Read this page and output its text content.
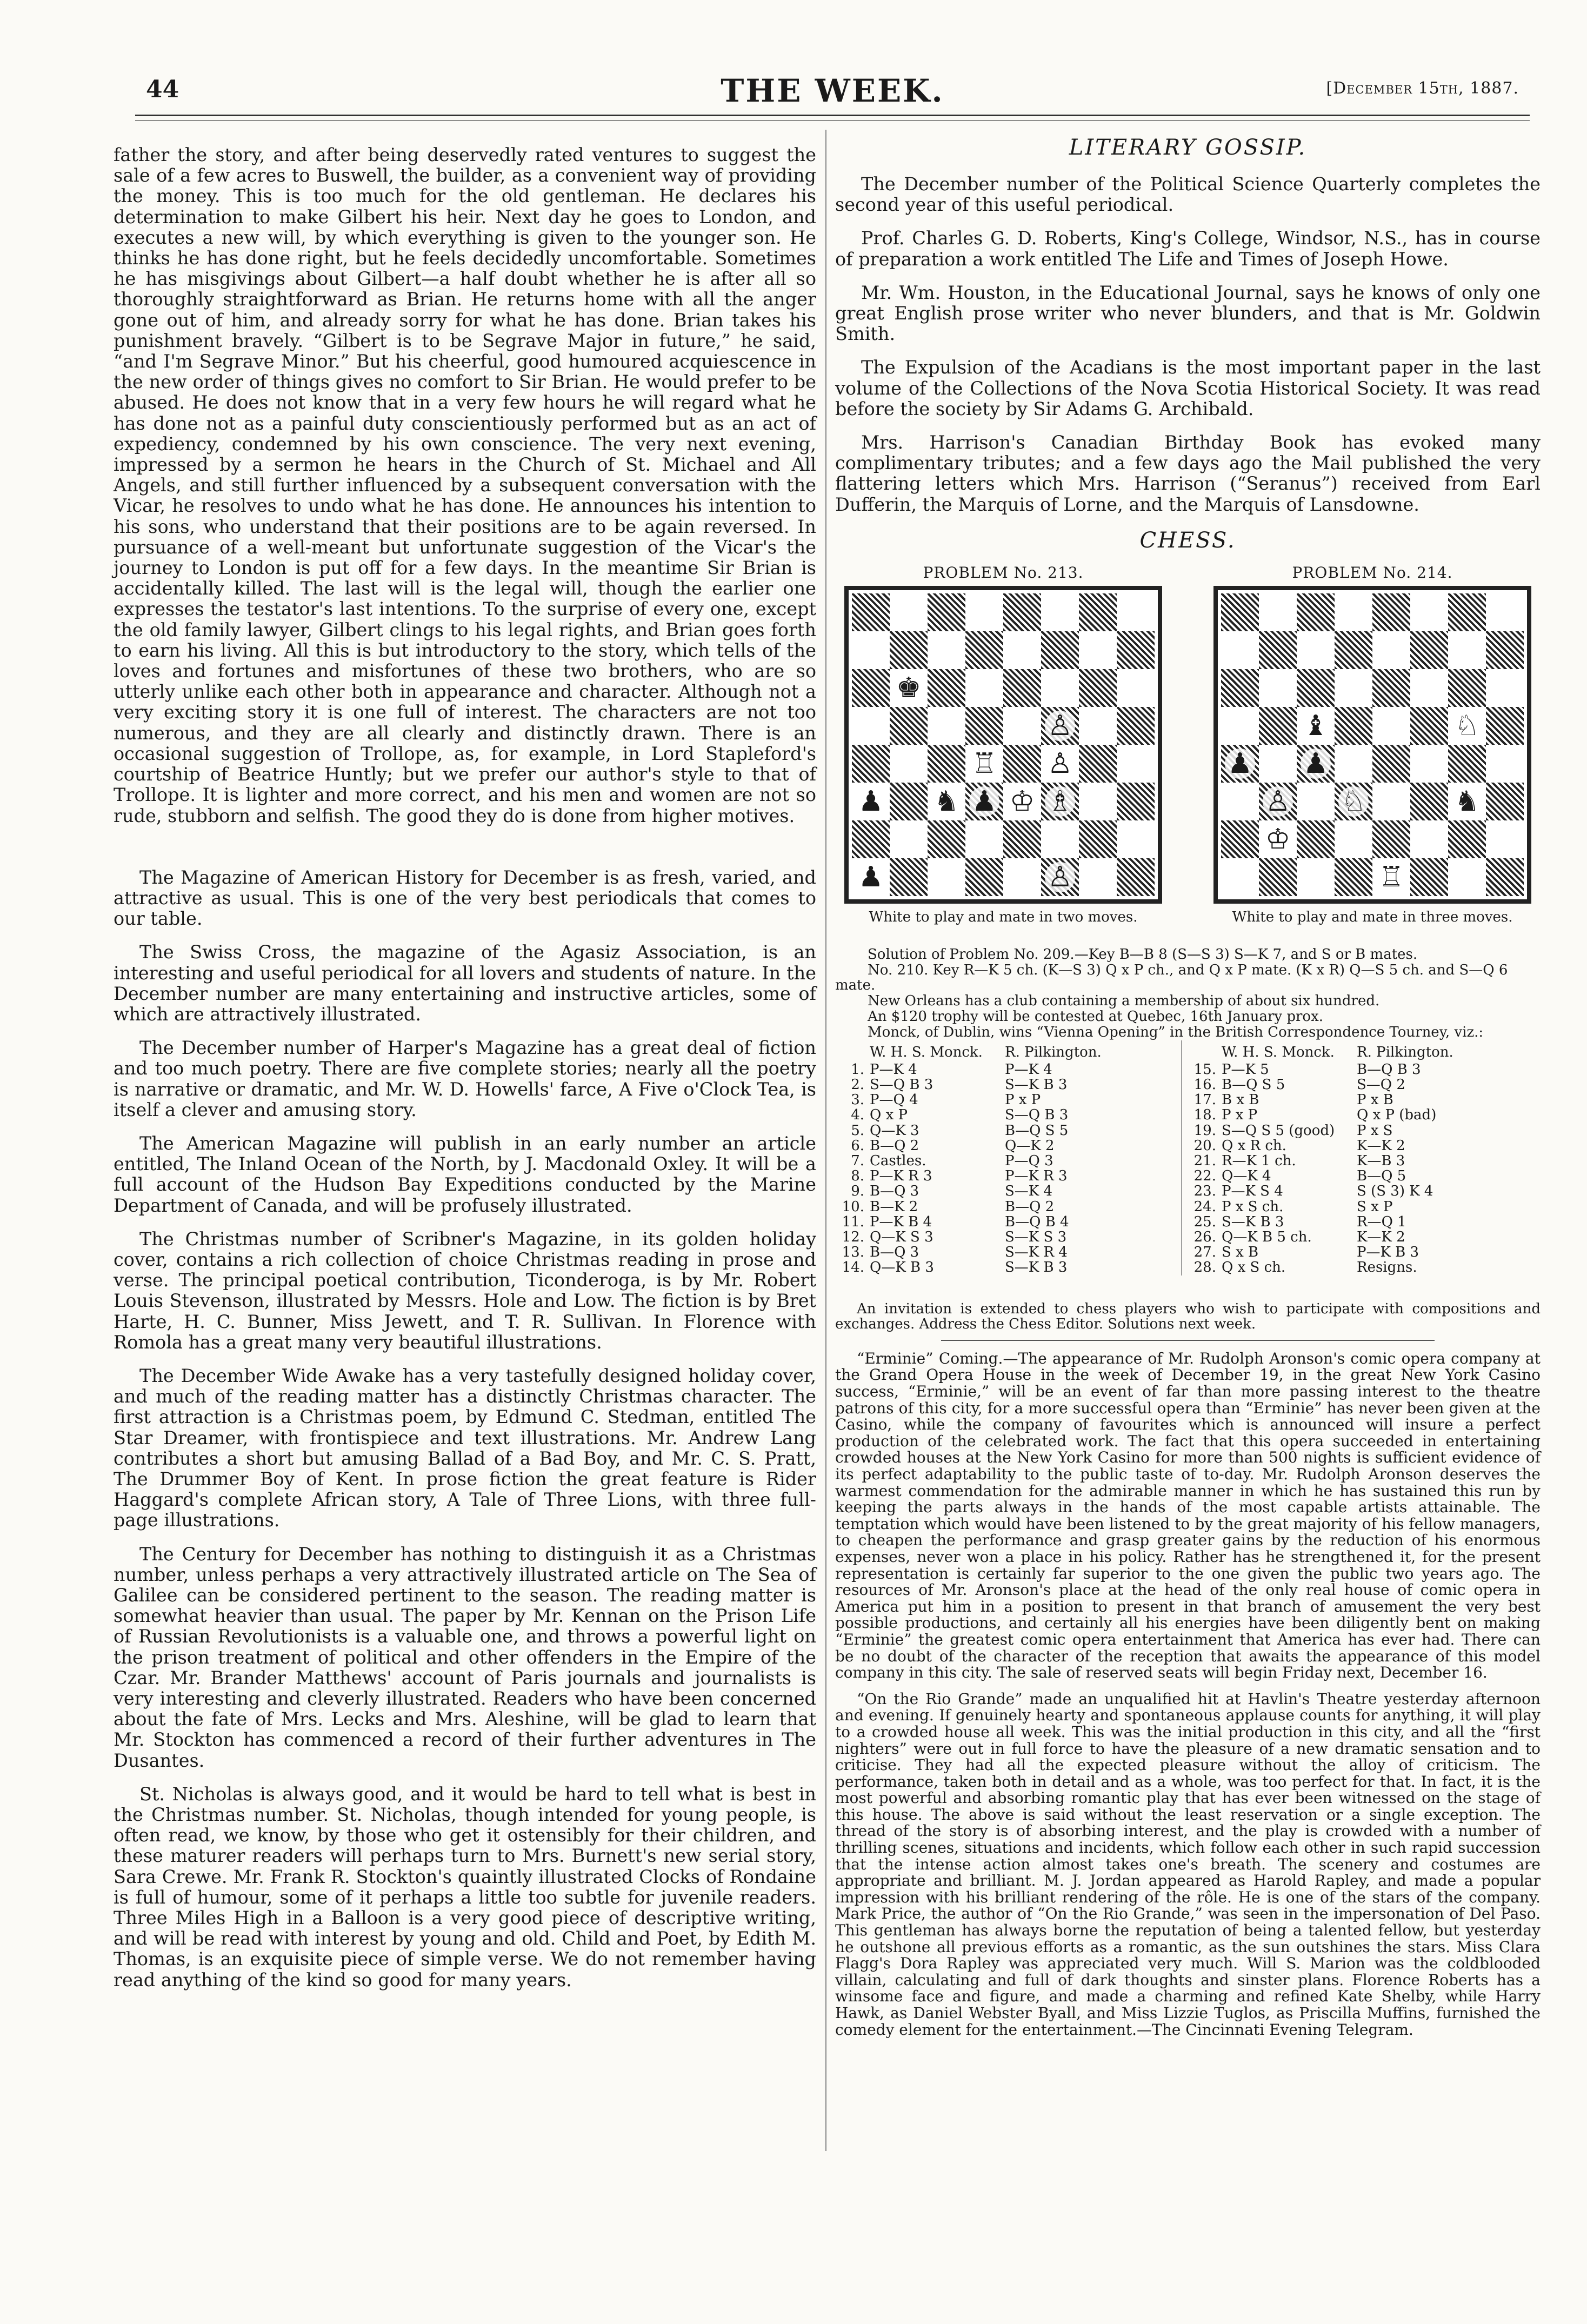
44	THE WEEK.	[December 15th, 1887.

father the story, and after being deservedly rated ventures to suggest the sale of a few acres to Buswell, the builder, as a convenient way of providing the money. This is too much for the old gentleman. He declares his determination to make Gilbert his heir. Next day he goes to London, and executes a new will, by which everything is given to the younger son. He thinks he has done right, but he feels decidedly uncomfortable. Sometimes he has misgivings about Gilbert—a half doubt whether he is after all so thoroughly straightforward as Brian. He returns home with all the anger gone out of him, and already sorry for what he has done. Brian takes his punishment bravely. “Gilbert is to be Segrave Major in future,” he said, “and I'm Segrave Minor.” But his cheerful, good humoured acquiescence in the new order of things gives no comfort to Sir Brian. He would prefer to be abused. He does not know that in a very few hours he will regard what he has done not as a painful duty conscientiously performed but as an act of expediency, condemned by his own conscience. The very next evening, impressed by a sermon he hears in the Church of St. Michael and All Angels, and still further influenced by a subsequent conversation with the Vicar, he resolves to undo what he has done. He announces his intention to his sons, who understand that their positions are to be again reversed. In pursuance of a well-meant but unfortunate suggestion of the Vicar's the journey to London is put off for a few days. In the meantime Sir Brian is accidentally killed. The last will is the legal will, though the earlier one expresses the testator's last intentions. To the surprise of every one, except the old family lawyer, Gilbert clings to his legal rights, and Brian goes forth to earn his living. All this is but introductory to the story, which tells of the loves and fortunes and misfortunes of these two brothers, who are so utterly unlike each other both in appearance and character. Although not a very exciting story it is one full of interest. The characters are not too numerous, and they are all clearly and distinctly drawn. There is an occasional suggestion of Trollope, as, for example, in Lord Stapleford's courtship of Beatrice Huntly; but we prefer our author's style to that of Trollope. It is lighter and more correct, and his men and women are not so rude, stubborn and selfish. The good they do is done from higher motives.

The Magazine of American History for December is as fresh, varied, and attractive as usual. This is one of the very best periodicals that comes to our table.

The Swiss Cross, the magazine of the Agasiz Association, is an interesting and useful periodical for all lovers and students of nature. In the December number are many entertaining and instructive articles, some of which are attractively illustrated.

The December number of Harper's Magazine has a great deal of fiction and too much poetry. There are five complete stories; nearly all the poetry is narrative or dramatic, and Mr. W. D. Howells' farce, A Five o'Clock Tea, is itself a clever and amusing story.

The American Magazine will publish in an early number an article entitled, The Inland Ocean of the North, by J. Macdonald Oxley. It will be a full account of the Hudson Bay Expeditions conducted by the Marine Department of Canada, and will be profusely illustrated.

The Christmas number of Scribner's Magazine, in its golden holiday cover, contains a rich collection of choice Christmas reading in prose and verse. The principal poetical contribution, Ticonderoga, is by Mr. Robert Louis Stevenson, illustrated by Messrs. Hole and Low. The fiction is by Bret Harte, H. C. Bunner, Miss Jewett, and T. R. Sullivan. In Florence with Romola has a great many very beautiful illustrations.

The December Wide Awake has a very tastefully designed holiday cover, and much of the reading matter has a distinctly Christmas character. The first attraction is a Christmas poem, by Edmund C. Stedman, entitled The Star Dreamer, with frontispiece and text illustrations. Mr. Andrew Lang contributes a short but amusing Ballad of a Bad Boy, and Mr. C. S. Pratt, The Drummer Boy of Kent. In prose fiction the great feature is Rider Haggard's complete African story, A Tale of Three Lions, with three full-page illustrations.

The Century for December has nothing to distinguish it as a Christmas number, unless perhaps a very attractively illustrated article on The Sea of Galilee can be considered pertinent to the season. The reading matter is somewhat heavier than usual. The paper by Mr. Kennan on the Prison Life of Russian Revolutionists is a valuable one, and throws a powerful light on the prison treatment of political and other offenders in the Empire of the Czar. Mr. Brander Matthews' account of Paris journals and journalists is very interesting and cleverly illustrated. Readers who have been concerned about the fate of Mrs. Lecks and Mrs. Aleshine, will be glad to learn that Mr. Stockton has commenced a record of their further adventures in The Dusantes.

St. Nicholas is always good, and it would be hard to tell what is best in the Christmas number. St. Nicholas, though intended for young people, is often read, we know, by those who get it ostensibly for their children, and these maturer readers will perhaps turn to Mrs. Burnett's new serial story, Sara Crewe. Mr. Frank R. Stockton's quaintly illustrated Clocks of Rondaine is full of humour, some of it perhaps a little too subtle for juvenile readers. Three Miles High in a Balloon is a very good piece of descriptive writing, and will be read with interest by young and old. Child and Poet, by Edith M. Thomas, is an exquisite piece of simple verse. We do not remember having read anything of the kind so good for many years.

LITERARY GOSSIP.

The December number of the Political Science Quarterly completes the second year of this useful periodical.

Prof. Charles G. D. Roberts, King's College, Windsor, N.S., has in course of preparation a work entitled The Life and Times of Joseph Howe.

Mr. Wm. Houston, in the Educational Journal, says he knows of only one great English prose writer who never blunders, and that is Mr. Goldwin Smith.

The Expulsion of the Acadians is the most important paper in the last volume of the Collections of the Nova Scotia Historical Society. It was read before the society by Sir Adams G. Archibald.

Mrs. Harrison's Canadian Birthday Book has evoked many complimentary tributes; and a few days ago the Mail published the very flattering letters which Mrs. Harrison (“Seranus”) received from Earl Dufferin, the Marquis of Lorne, and the Marquis of Lansdowne.

CHESS.
PROBLEM No. 213.
♚
♙
♖ ♙
♟ ♞ ♟ ♔ ♗
♟	♙
White to play and mate in two moves.
PROBLEM No. 214.
♝	♘
♟ ♟
♙ ♘	♞
♔
♖
White to play and mate in three moves.

Solution of Problem No. 209.—Key B—B 8 (S—S 3) S—K 7, and S or B mates.

No. 210. Key R—K 5 ch. (K—S 3) Q x P ch., and Q x P mate. (K x R) Q—S 5 ch. and S—Q 6 mate.

New Orleans has a club containing a membership of about six hundred.

An $120 trophy will be contested at Quebec, 16th January prox.

Monck, of Dublin, wins “Vienna Opening” in the British Correspondence Tourney, viz.:

W. H. S. Monck.	R. Pilkington.
1. P—K 4	P—K 4
2. S—Q B 3	S—K B 3
3. P—Q 4	P x P
4. Q x P	S—Q B 3
5. Q—K 3	B—Q S 5
6. B—Q 2	Q—K 2
7. Castles.	P—Q 3
8. P—K R 3	P—K R 3
9. B—Q 3	S—K 4
10. B—K 2	B—Q 2
11. P—K B 4	B—Q B 4
12. Q—K S 3	S—K S 3
13. B—Q 3	S—K R 4
14. Q—K B 3	S—K B 3
W. H. S. Monck.	R. Pilkington.
15. P—K 5	B—Q B 3
16. B—Q S 5	S—Q 2
17. B x B	P x B
18. P x P	Q x P (bad)
19. S—Q S 5 (good)	P x S
20. Q x R ch.	K—K 2
21. R—K 1 ch.	K—B 3
22. Q—K 4	B—Q 5
23. P—K S 4	S (S 3) K 4
24. P x S ch.	S x P
25. S—K B 3	R—Q 1
26. Q—K B 5 ch.	K—K 2
27. S x B	P—K B 3
28. Q x S ch.	Resigns.

An invitation is extended to chess players who wish to participate with compositions and exchanges. Address the Chess Editor. Solutions next week.

“Erminie” Coming.—The appearance of Mr. Rudolph Aronson's comic opera company at the Grand Opera House in the week of December 19, in the great New York Casino success, “Erminie,” will be an event of far than more passing interest to the theatre patrons of this city, for a more successful opera than “Erminie” has never been given at the Casino, while the company of favourites which is announced will insure a perfect production of the celebrated work. The fact that this opera succeeded in entertaining crowded houses at the New York Casino for more than 500 nights is sufficient evidence of its perfect adaptability to the public taste of to-day. Mr. Rudolph Aronson deserves the warmest commendation for the admirable manner in which he has sustained this run by keeping the parts always in the hands of the most capable artists attainable. The temptation which would have been listened to by the great majority of his fellow managers, to cheapen the performance and grasp greater gains by the reduction of his enormous expenses, never won a place in his policy. Rather has he strengthened it, for the present representation is certainly far superior to the one given the public two years ago. The resources of Mr. Aronson's place at the head of the only real house of comic opera in America put him in a position to present in that branch of amusement the very best possible productions, and certainly all his energies have been diligently bent on making “Erminie” the greatest comic opera entertainment that America has ever had. There can be no doubt of the character of the reception that awaits the appearance of this model company in this city. The sale of reserved seats will begin Friday next, December 16.

“On the Rio Grande” made an unqualified hit at Havlin's Theatre yesterday afternoon and evening. If genuinely hearty and spontaneous applause counts for anything, it will play to a crowded house all week. This was the initial production in this city, and all the “first nighters” were out in full force to have the pleasure of a new dramatic sensation and to criticise. They had all the expected pleasure without the alloy of criticism. The performance, taken both in detail and as a whole, was too perfect for that. In fact, it is the most powerful and absorbing romantic play that has ever been witnessed on the stage of this house. The above is said without the least reservation or a single exception. The thread of the story is of absorbing interest, and the play is crowded with a number of thrilling scenes, situations and incidents, which follow each other in such rapid succession that the intense action almost takes one's breath. The scenery and costumes are appropriate and brilliant. M. J. Jordan appeared as Harold Rapley, and made a popular impression with his brilliant rendering of the rôle. He is one of the stars of the company. Mark Price, the author of “On the Rio Grande,” was seen in the impersonation of Del Paso. This gentleman has always borne the reputation of being a talented fellow, but yesterday he outshone all previous efforts as a romantic, as the sun outshines the stars. Miss Clara Flagg's Dora Rapley was appreciated very much. Will S. Marion was the coldblooded villain, calculating and full of dark thoughts and sinster plans. Florence Roberts has a winsome face and figure, and made a charming and refined Kate Shelby, while Harry Hawk, as Daniel Webster Byall, and Miss Lizzie Tuglos, as Priscilla Muffins, furnished the comedy element for the entertainment.—The Cincinnati Evening Telegram.
